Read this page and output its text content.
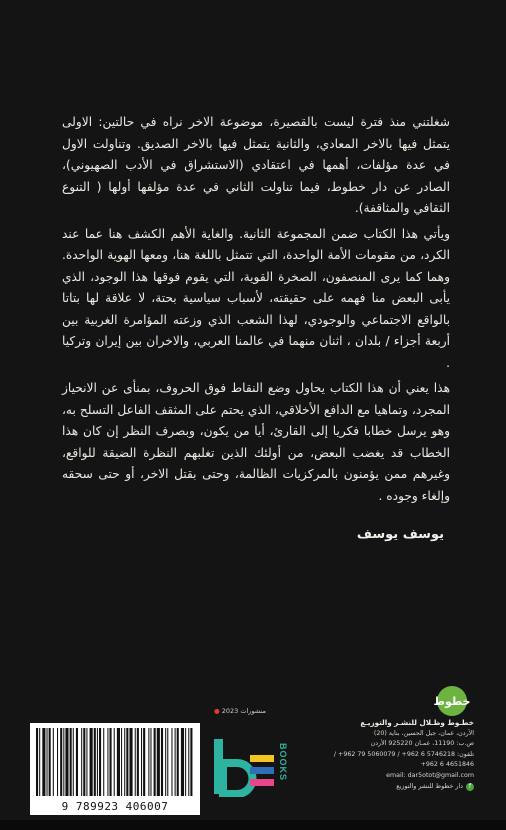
شغلتني منذ فترة ليست بالقصيرة، موضوعة الاخر نراه في حالتين: الاولى يتمثل فيها بالاخر المعادي، والثانية يتمثل فيها بالاخر الصديق. وتناولت الاول في عدة مؤلفات، أهمها في اعتقادي (الاستشراق في الأدب الصهيوني)، الصادر عن دار خطوط، فيما تناولت الثاني في عدة مؤلفها أولها ( التنوع الثقافي والمثاقفة).

ويأتي هذا الكتاب ضمن المجموعة الثانية. والغاية الأهم الكشف هنا عما عند الكرد، من مقومات الأمة الواحدة، التي تتمثل باللغة هنا، ومعها الهوية الواحدة. وهما كما يرى المنصفون، الصخرة القوية، التي يقوم فوقها هذا الوجود، الذي يأبى البعض منا فهمه على حقيقته، لأسباب سياسية بحتة، لا علاقة لها بتاتا بالواقع الاجتماعي والوجودي، لهذا الشعب الذي وزعته المؤامرة الغربية بين أربعة أجزاء / بلدان ، اثنان منهما في عالمنا العربي، والاخران بين إيران وتركيا .

هذا يعني أن هذا الكتاب يحاول وضع النقاط فوق الحروف، بمنأى عن الانحياز المجرد، وتماهيا مع الدافع الأخلاقي، الذي يحتم على المثقف الفاعل التسلح به، وهو يرسل خطابا فكريا إلى القارئ، أيا من يكون، وبصرف النظر إن كان هذا الخطاب قد يغضب البعض، من أولئك الذين تغلبهم النظرة الضيقة للواقع، وغيرهم ممن يؤمنون بالمركزيات الظالمة، وحتى بقتل الاخر، أو حتى سحقه وإلغاء وجوده .

يوسف يوسف
خطوط
منشورات 2023 ●
خطـوط وظـلال للنشـر والتوزيـع
الأردن، عمان، جبل الحسين، بناية (20)
ص.ب: 11190، عمـان 925220 الأردن
تلفون: 5746218 6 962+ / 5060079 79 962+ / 4651846 6 962+
email: dar5otot@gmail.com
f
دار خطوط للنشر والتوزيع
BOOKS
9 789923 406007
